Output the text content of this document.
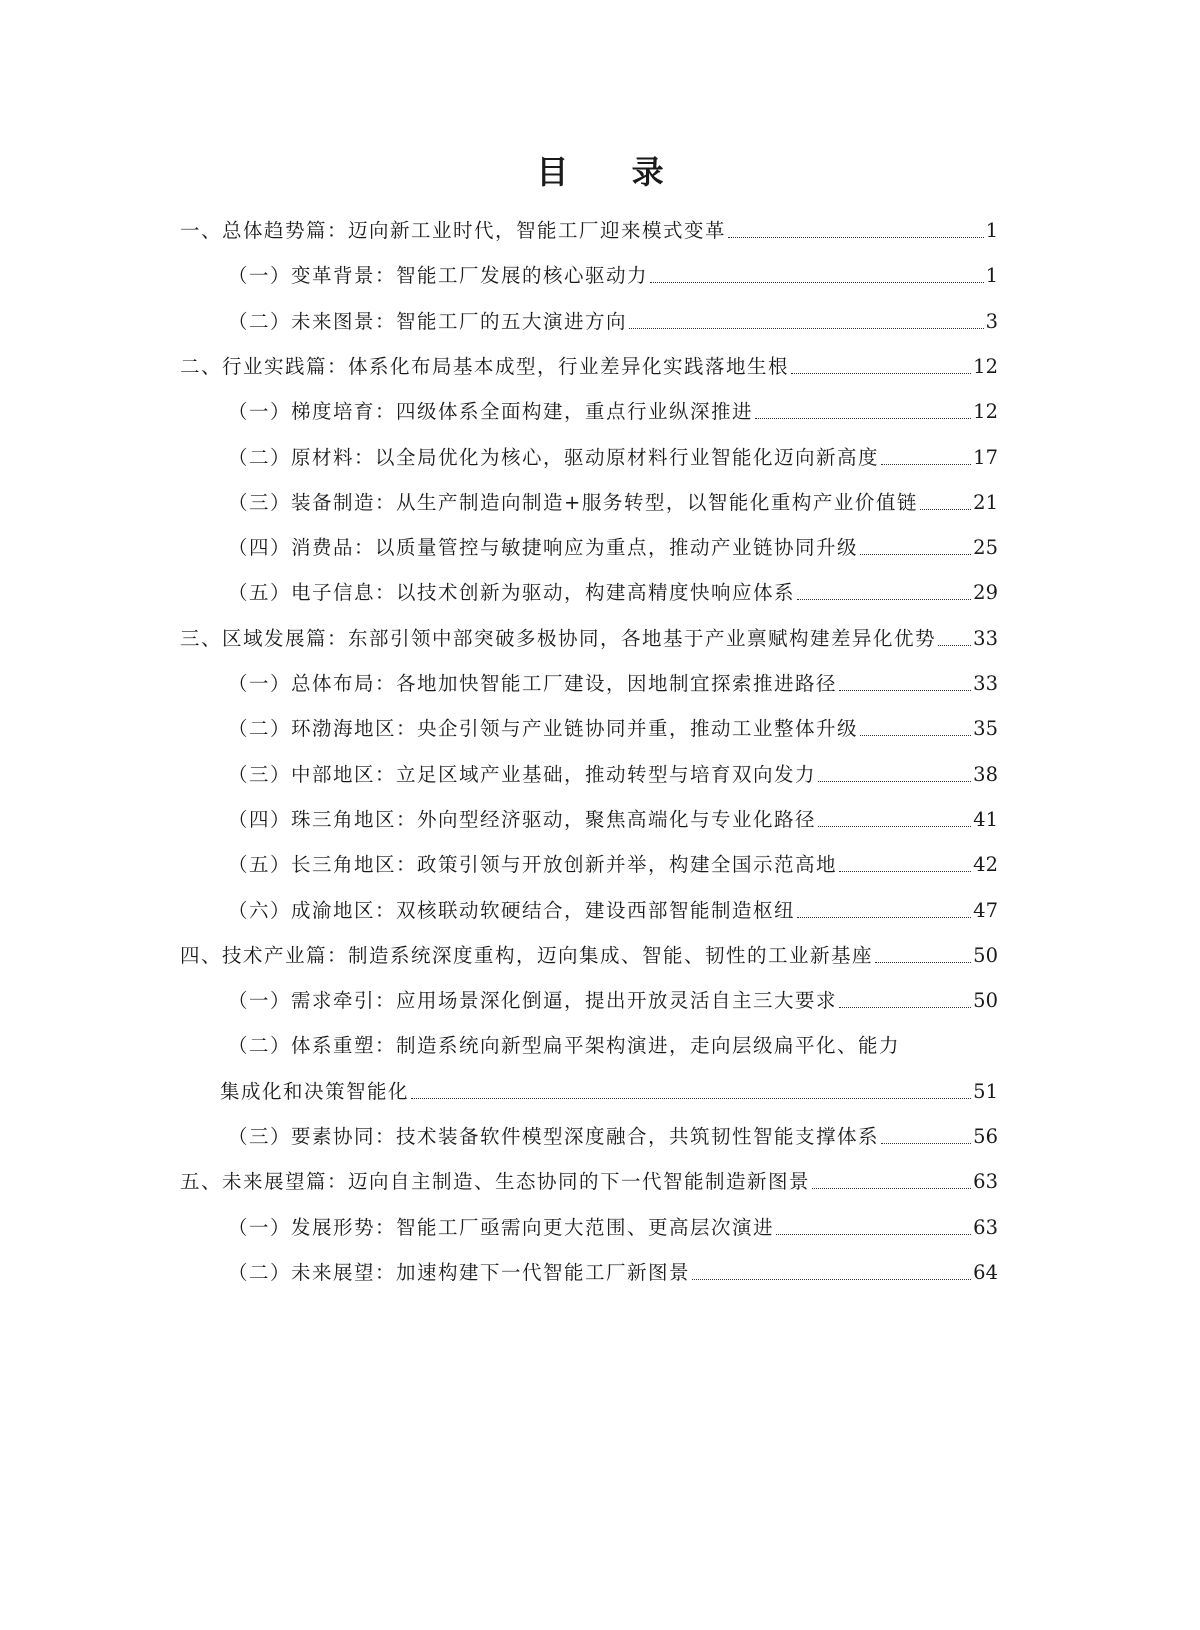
目 录
一、总体趋势篇：迈向新工业时代，智能工厂迎来模式变革	1
（一）变革背景：智能工厂发展的核心驱动力	1
（二）未来图景：智能工厂的五大演进方向	3
二、行业实践篇：体系化布局基本成型，行业差异化实践落地生根	12
（一）梯度培育：四级体系全面构建，重点行业纵深推进	12
（二）原材料：以全局优化为核心，驱动原材料行业智能化迈向新高度	17
（三）装备制造：从生产制造向制造+服务转型，以智能化重构产业价值链	21
（四）消费品：以质量管控与敏捷响应为重点，推动产业链协同升级	25
（五）电子信息：以技术创新为驱动，构建高精度快响应体系	29
三、区域发展篇：东部引领中部突破多极协同，各地基于产业禀赋构建差异化优势 33
（一）总体布局：各地加快智能工厂建设，因地制宜探索推进路径	33
（二）环渤海地区：央企引领与产业链协同并重，推动工业整体升级	35
（三）中部地区：立足区域产业基础，推动转型与培育双向发力	38
（四）珠三角地区：外向型经济驱动，聚焦高端化与专业化路径	41
（五）长三角地区：政策引领与开放创新并举，构建全国示范高地	42
（六）成渝地区：双核联动软硬结合，建设西部智能制造枢纽	47
四、技术产业篇：制造系统深度重构，迈向集成、智能、韧性的工业新基座	50
（一）需求牵引：应用场景深化倒逼，提出开放灵活自主三大要求	50
（二）体系重塑：制造系统向新型扁平架构演进，走向层级扁平化、能力
集成化和决策智能化	51
（三）要素协同：技术装备软件模型深度融合，共筑韧性智能支撑体系	56
五、未来展望篇：迈向自主制造、生态协同的下一代智能制造新图景	63
（一）发展形势：智能工厂亟需向更大范围、更高层次演进	63
（二）未来展望：加速构建下一代智能工厂新图景	64
